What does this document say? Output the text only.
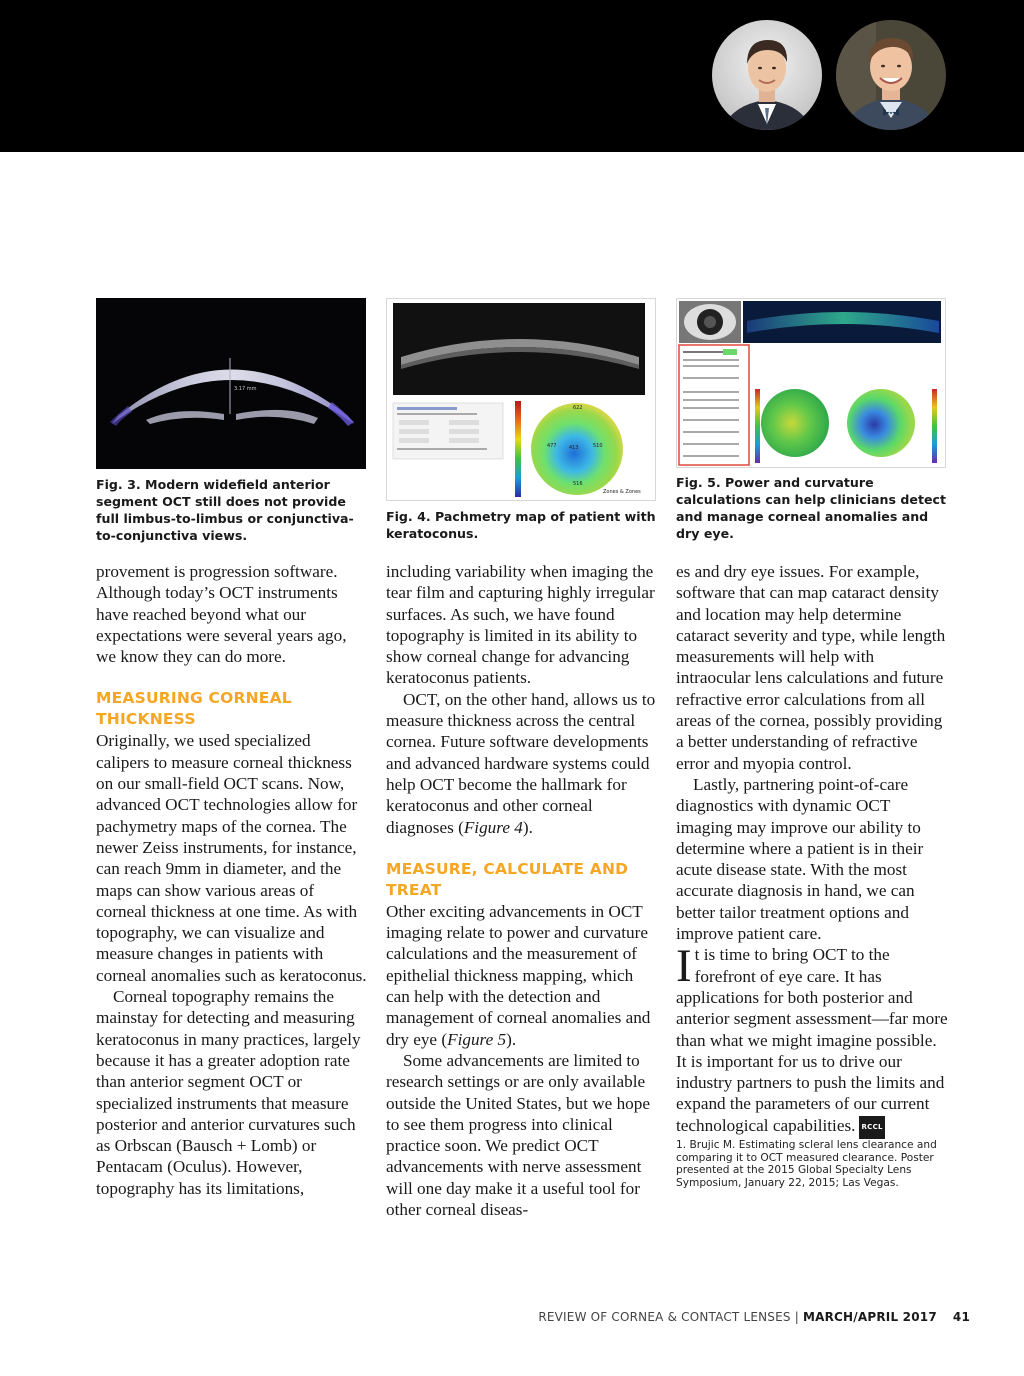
3.17 mm
Fig. 3. Modern widefield anterior segment OCT still does not provide full limbus-to-limbus or conjunctiva-to-conjunctiva views.
622
413
477	510
516
Zones & Zones
Fig. 4. Pachmetry map of patient with keratoconus.
Fig. 5. Power and curvature calculations can help clinicians detect and manage corneal anomalies and dry eye.

provement is progression software. Although today’s OCT instruments have reached beyond what our expectations were several years ago, we know they can do more.

MEASURING CORNEAL THICKNESS

Originally, we used specialized calipers to measure corneal thickness on our small-field OCT scans. Now, advanced OCT technologies allow for pachymetry maps of the cornea. The newer Zeiss instruments, for instance, can reach 9mm in diameter, and the maps can show various areas of corneal thickness at one time. As with topography, we can visualize and measure changes in patients with corneal anomalies such as keratoconus.

Corneal topography remains the mainstay for detecting and measuring keratoconus in many practices, largely because it has a greater adoption rate than anterior segment OCT or specialized instruments that measure posterior and anterior curvatures such as Orbscan (Bausch + Lomb) or Pentacam (Oculus). However, topography has its limitations,

including variability when imaging the tear film and capturing highly irregular surfaces. As such, we have found topography is limited in its ability to show corneal change for advancing keratoconus patients.

OCT, on the other hand, allows us to measure thickness across the central cornea. Future software developments and advanced hardware systems could help OCT become the hallmark for keratoconus and other corneal diagnoses (Figure 4).

MEASURE, CALCULATE AND TREAT

Other exciting advancements in OCT imaging relate to power and curvature calculations and the measurement of epithelial thickness mapping, which can help with the detection and management of corneal anomalies and dry eye (Figure 5).

Some advancements are limited to research settings or are only available outside the United States, but we hope to see them progress into clinical practice soon. We predict OCT advancements with nerve assessment will one day make it a useful tool for other corneal diseas-

es and dry eye issues. For example, software that can map cataract density and location may help determine cataract severity and type, while length measurements will help with intraocular lens calculations and future refractive error calculations from all areas of the cornea, possibly providing a better understanding of refractive error and myopia control.

Lastly, partnering point-of-care diagnostics with dynamic OCT imaging may improve our ability to determine where a patient is in their acute disease state. With the most accurate diagnosis in hand, we can better tailor treatment options and improve patient care.

It is time to bring OCT to the forefront of eye care. It has applications for both posterior and anterior segment assessment—far more than what we might imagine possible. It is important for us to drive our industry partners to push the limits and expand the parameters of our current technological capabilities. RCCL

1. Brujic M. Estimating scleral lens clearance and comparing it to OCT measured clearance. Poster presented at the 2015 Global Specialty Lens Symposium, January 22, 2015; Las Vegas.

REVIEW OF CORNEA & CONTACT LENSES | MARCH/APRIL 2017 41
